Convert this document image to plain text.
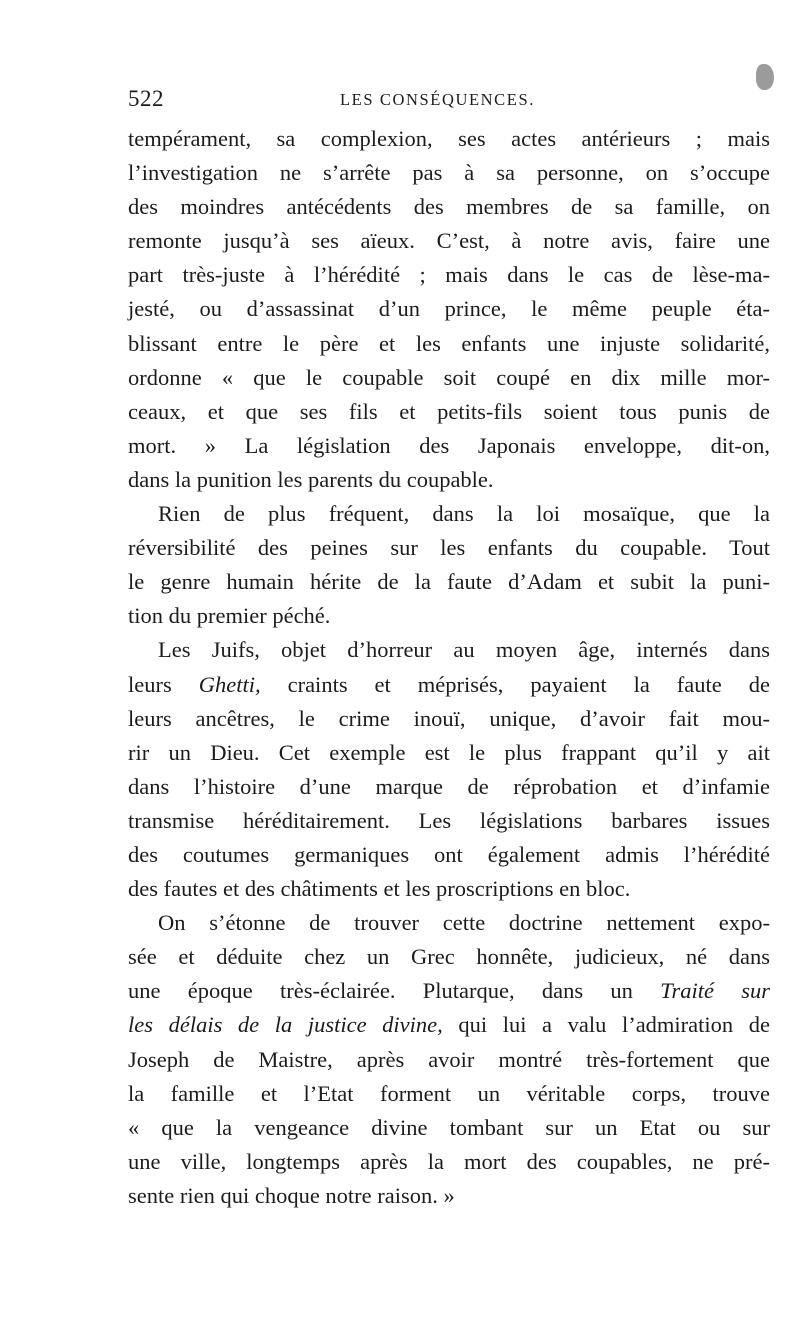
522	LES CONSÉQUENCES.
tempérament, sa complexion, ses actes antérieurs ; mais
l’investigation ne s’arrête pas à sa personne, on s’occupe
des moindres antécédents des membres de sa famille, on
remonte jusqu’à ses aïeux. C’est, à notre avis, faire une
part très-juste à l’hérédité ; mais dans le cas de lèse-ma-
jesté, ou d’assassinat d’un prince, le même peuple éta-
blissant entre le père et les enfants une injuste solidarité,
ordonne « que le coupable soit coupé en dix mille mor-
ceaux, et que ses fils et petits-fils soient tous punis de
mort. » La législation des Japonais enveloppe, dit-on,
dans la punition les parents du coupable.
Rien de plus fréquent, dans la loi mosaïque, que la
réversibilité des peines sur les enfants du coupable. Tout
le genre humain hérite de la faute d’Adam et subit la puni-
tion du premier péché.
Les Juifs, objet d’horreur au moyen âge, internés dans
leurs Ghetti, craints et méprisés, payaient la faute de
leurs ancêtres, le crime inouï, unique, d’avoir fait mou-
rir un Dieu. Cet exemple est le plus frappant qu’il y ait
dans l’histoire d’une marque de réprobation et d’infamie
transmise héréditairement. Les législations barbares issues
des coutumes germaniques ont également admis l’hérédité
des fautes et des châtiments et les proscriptions en bloc.
On s’étonne de trouver cette doctrine nettement expo-
sée et déduite chez un Grec honnête, judicieux, né dans
une époque très-éclairée. Plutarque, dans un Traité sur
les délais de la justice divine, qui lui a valu l’admiration de
Joseph de Maistre, après avoir montré très-fortement que
la famille et l’Etat forment un véritable corps, trouve
« que la vengeance divine tombant sur un Etat ou sur
une ville, longtemps après la mort des coupables, ne pré-
sente rien qui choque notre raison. »
